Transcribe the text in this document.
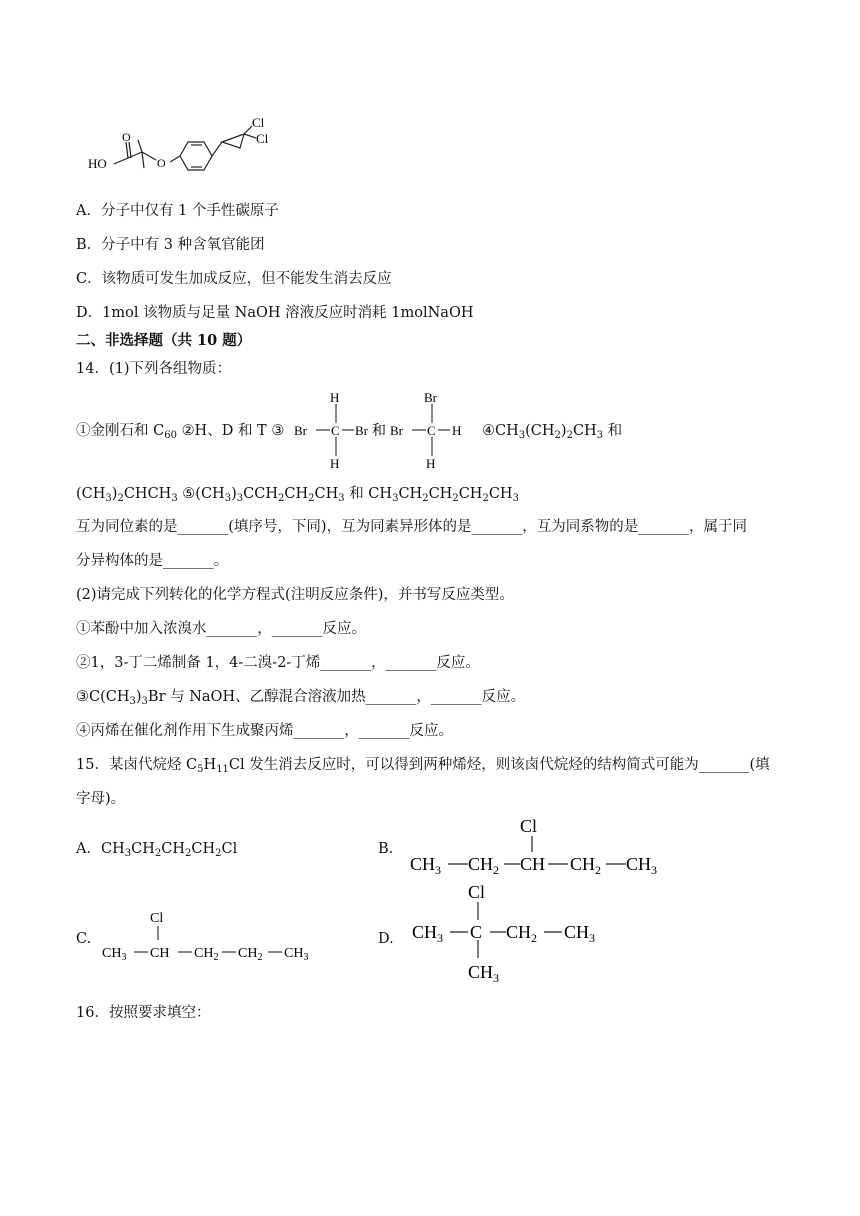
HO
O
O
Cl
Cl
A．分子中仅有 1 个手性碳原子
B．分子中有 3 种含氧官能团
C．该物质可发生加成反应，但不能发生消去反应
D．1mol 该物质与足量 NaOH 溶液反应时消耗 1molNaOH
二、非选择题（共 10 题）
14．(1)下列各组物质：
①金刚石和 $C_{60}$ ②H、D 和 T ③
H
Br C Br
H
和
Br
Br C H
H
$④CH_3(CH_2)_2CH_3$ 和
$(CH_3)_2CHCH_3$ $⑤(CH_3)_3CCH_2CH_2CH_3$ 和 $CH_3CH_2CH_2CH_2CH_3$
互为同位素的是_______(填序号，下同)，互为同素异形体的是_______，互为同系物的是_______，属于同
分异构体的是_______。
(2)请完成下列转化的化学方程式(注明反应条件)，并书写反应类型。
①苯酚中加入浓溴水_______，_______反应。
②1，3-丁二烯制备 1，4-二溴-2-丁烯_______，_______反应。
$③C(CH_3)_3Br$ 与 NaOH、乙醇混合溶液加热_______，_______反应。
④丙烯在催化剂作用下生成聚丙烯_______，_______反应。
15．某卤代烷烃 $C_5H_{11}Cl$ 发生消去反应时，可以得到两种烯烃，则该卤代烷烃的结构简式可能为_______(填
字母)。
A．$CH_3CH_2CH_2CH_2Cl$	B.
Cl
$CH_3$ $CH_2$ CH $CH_2$ $CH_3$
C.
Cl
$CH_3$ CH $CH_2$ $CH_2$ $CH_3$
D.
Cl
$CH_3$ C $CH_2$ $CH_3$
$CH_3$
16．按照要求填空：
